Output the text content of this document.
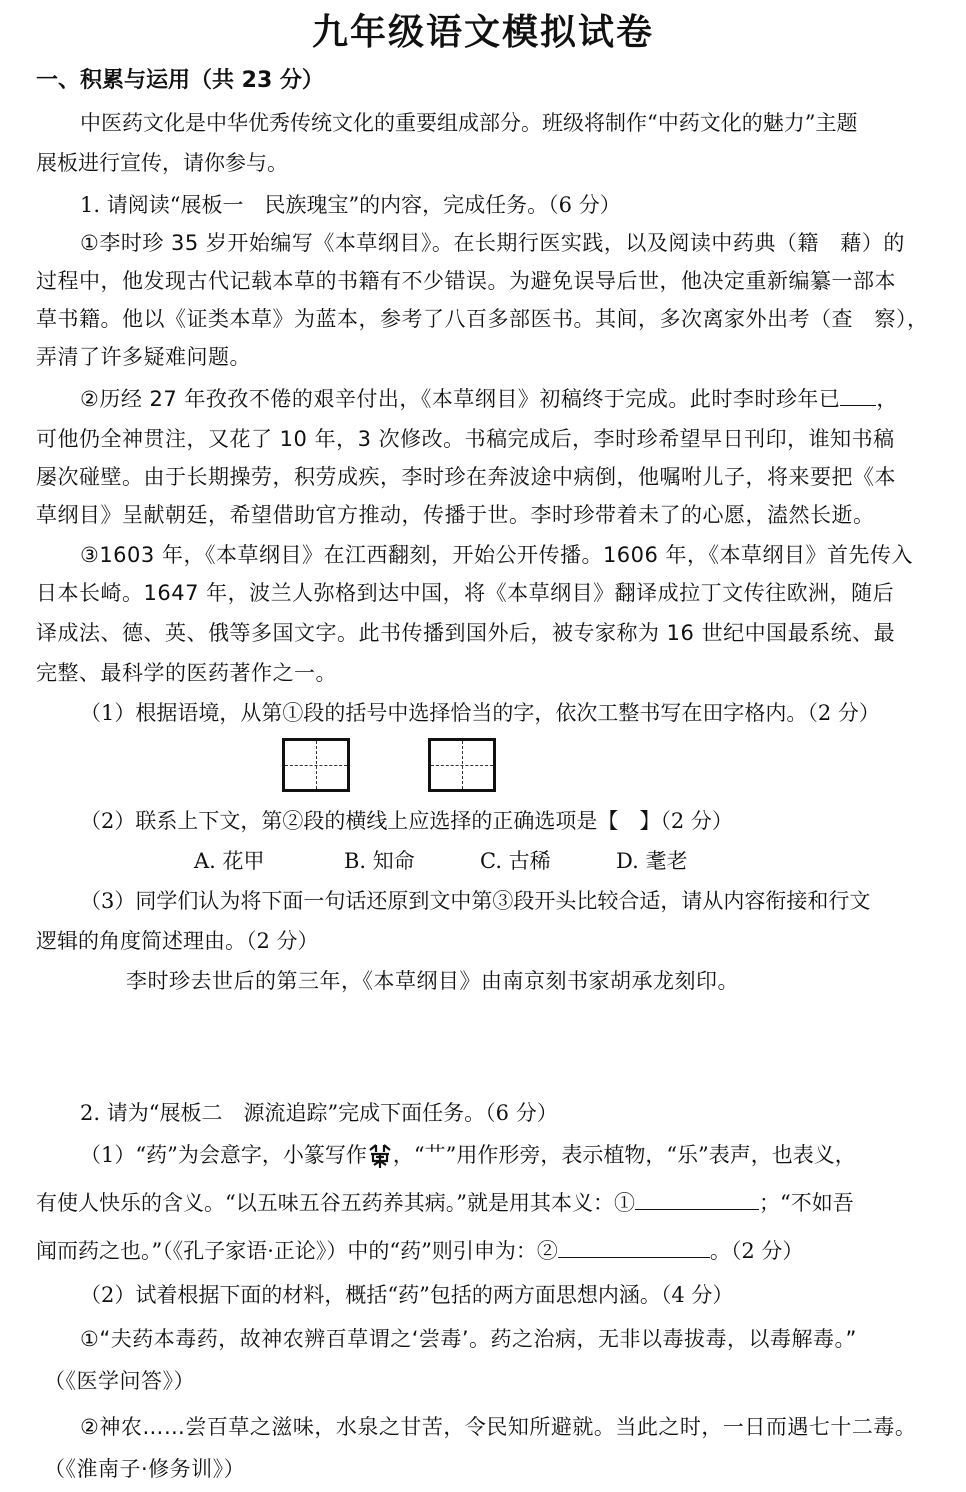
九年级语文模拟试卷
一、积累与运用（共 23 分）
中医药文化是中华优秀传统文化的重要组成部分。班级将制作“中药文化的魅力”主题
展板进行宣传，请你参与。
1. 请阅读“展板一　民族瑰宝”的内容，完成任务。（6 分）
①李时珍 35 岁开始编写《本草纲目》。在长期行医实践，以及阅读中药典（籍　藉）的
过程中，他发现古代记载本草的书籍有不少错误。为避免误导后世，他决定重新编纂一部本
草书籍。他以《证类本草》为蓝本，参考了八百多部医书。其间，多次离家外出考（查　察），
弄清了许多疑难问题。
②历经 27 年孜孜不倦的艰辛付出，《本草纲目》初稿终于完成。此时李时珍年已 ，
可他仍全神贯注，又花了 10 年，3 次修改。书稿完成后，李时珍希望早日刊印，谁知书稿
屡次碰壁。由于长期操劳，积劳成疾，李时珍在奔波途中病倒，他嘱咐儿子，将来要把《本
草纲目》呈献朝廷，希望借助官方推动，传播于世。李时珍带着未了的心愿，溘然长逝。
③1603 年，《本草纲目》在江西翻刻，开始公开传播。1606 年，《本草纲目》首先传入
日本长崎。1647 年，波兰人弥格到达中国，将《本草纲目》翻译成拉丁文传往欧洲，随后
译成法、德、英、俄等多国文字。此书传播到国外后，被专家称为 16 世纪中国最系统、最
完整、最科学的医药著作之一。
（1）根据语境，从第①段的括号中选择恰当的字，依次工整书写在田字格内。（2 分）
（2）联系上下文，第②段的横线上应选择的正确选项是【　】（2 分）
A. 花甲	B. 知命	C. 古稀	D. 耄老
（3）同学们认为将下面一句话还原到文中第③段开头比较合适，请从内容衔接和行文
逻辑的角度简述理由。（2 分）
李时珍去世后的第三年，《本草纲目》由南京刻书家胡承龙刻印。
2. 请为“展板二　源流追踪”完成下面任务。（6 分）
（1）“药”为会意字，小篆写作 ，“艹”用作形旁，表示植物，“乐”表声，也表义，
有使人快乐的含义。“以五味五谷五药养其病。”就是用其本义：①	；“不如吾
闻而药之也。”（《孔子家语·正论》）中的“药”则引申为：②	。（2 分）
（2）试着根据下面的材料，概括“药”包括的两方面思想内涵。（4 分）
①“夫药本毒药，故神农辨百草谓之‘尝毒’。药之治病，无非以毒拔毒，以毒解毒。”
（《医学问答》）
②神农……尝百草之滋味，水泉之甘苦，令民知所避就。当此之时，一日而遇七十二毒。
（《淮南子·修务训》）
